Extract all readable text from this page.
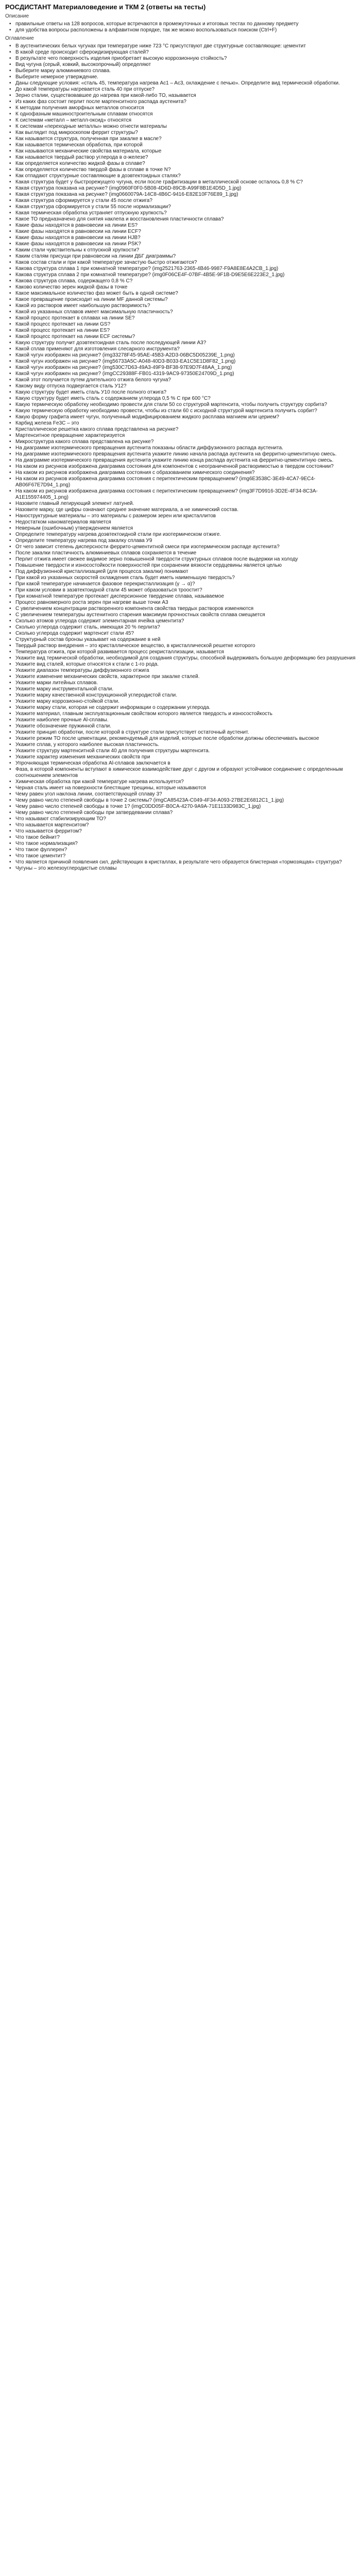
РОСДИСТАНТ Материаловедение и ТКМ 2 (ответы на тесты)
Описание
• правильные ответы на 128 вопросов, которые встречаются в промежуточных и итоговых тестах по данному предмету
• для удобства вопросы расположены в алфавитном порядке, так же можно воспользоваться поиском (Ctrl+F)
Оглавление
• В аустенитических белых чугунах при температуре ниже 723 °С присутствуют две структурные составляющие: цементит
• В какой среде происходит сфероидизирующая сталей?
• В результате чего поверхность изделия приобретает высокую коррозионную стойкость?
• Вид чугуна (серый, ковкий, высокопрочный) определяют
• Выберите марку алюминиевого сплава.
• Выберите немерное утверждение.
• Даны следующие условия: «сталь 45, температура нагрева Ac1 – Ac3, охлаждение с печью». Определите вид термической обработки.
• До какой температуры нагревается сталь 40 при отпуске?
• Зерно сталии, существовавшее до нагрева при какой-либо ТО, называется
• Из каких фаз состоит перлит после мартенситного распада аустенита?
• К методам получения аморфных металлов относится
• К однофазным машиностроительным сплавам относятся
• К системам «металл – металл-оксид» относятся
• К системам «переходные металлы» можно отнести материалы
• Как выглядит под микроскопом феррит структуры?
• Как называется структура, полученная при закалке в масле?
• Как называется термическая обработка, при которой
• Как называются механические свойства материала, которые
• Как называется твердый раствор углерода в α-железе?
• Как определяется количество жидкой фазы в сплаве?
• Как определяется количество твердой фазы в сплаве в точке N?
• Как отпадают структурные составляющие в доэвтектоидных сталях?
• Какая структура будет у быстрорежущего чугуна, если после графитизации в металлической основе осталось 0,8 % С?
• Какая структура показана на рисунке? (img0960F0F0-5B08-4D6D-89CB-A99F8B1E4D5D_1.jpg)
• Какая структура показана на рисунке? (img0660079A-14C8-4B6C-9416-E82E10F76E89_1.jpg)
• Какая структура сформируется у стали 45 после отжига?
• Какая структура сформируется у стали 55 после нормализации?
• Какая термическая обработка устраняет отпускную хрупкость?
• Какое ТО предназначено для снятия наклепа и восстановления пластичности сплава?
• Какие фазы находятся в равновесии на линии ES?
• Какие фазы находятся в равновесии на линии ECF?
• Какие фазы находятся в равновесии на линии HJB?
• Какие фазы находятся в равновесии на линии PSK?
• Каким стали чувствительны к отпускной хрупкости?
• Каким сталям присущи при равновесии на линии ДБГ диаграммы?
• Каков состав стали и при какой температуре зачастую быстро отжигаются?
• Какова структура сплава 1 при комнатной температуре? (img2521763-2365-4B46-9987-F9A8E8E4A2CB_1.jpg)
• Какова структура сплава 2 при комнатной температуре? (img0F06CE4F-07BF-4B5E-9F1B-D9E5E6E223E2_1.jpg)
• Какова структура сплава, содержащего 0,8 % С?
• Каково количество зерен жидкой фазы в точке
• Какое максимальное количество фаз может быть в одной системе?
• Какое превращение происходит на линии MF данной системы?
• Какой из растворов имеет наибольшую растворимость?
• Какой из указанных сплавов имеет максимальную пластичность?
• Какой процесс протекает в сплавах на линии SE?
• Какой процесс протекает на линии GS?
• Какой процесс протекает на линии ES?
• Какой процесс протекает на линии ECF системы?
• Какую структуру получит доэвтектоидная сталь после последующей линии A3?
• Какой сплав применяют для изготовления слесарного инструмента?
• Какой чугун изображен на рисунке? (img33278F45-95AE-45B3-A2D3-06BC5D05239E_1.png)
• Какой чугун изображен на рисунке? (img56733A5C-A048-40D3-B033-EA1C5E1D8F82_1.png)
• Какой чугун изображен на рисунке? (img530C7D63-49A3-49F9-BF38-97E9D7F48AA_1.png)
• Какой чугун изображен на рисунке? (imgCC29388F-FB01-4319-9AC9-97350E24709D_1.png)
• Какой этот получается путем длительного отжига белого чугуна?
• Какому виду отпуска подвергается сталь У12?
• Какую структуру будет иметь сталь У10 после полного отжига?
• Какую структуру будет иметь сталь с содержанием углерода 0,5 % С при 600 °С?
• Какую термическую обработку необходимо провести для стали 50 со структурой мартенсита, чтобы получить структуру сорбита?
• Какую термическую обработку необходимо провести, чтобы из стали 60 с исходной структурой мартенсита получить сорбит?
• Какую форму графита имеет чугун, полученный модифицированием жидкого расплава магнием или церием?
• Карбид железа Fe3C – это
• Кристаллическое решетка какого сплава представлена на рисунке?
• Мартенситное превращение характеризуется
• Микроструктура какого сплава представлена на рисунке?
• На диаграмме изотермического превращения аустенита показаны области диффузионного распада аустенита.
• На диаграмме изотермического превращения аустенита укажите линию начала распада аустенита на ферритно-цементитную смесь.
• На диаграмме изотермического превращения аустенита укажите линию конца распада аустенита на ферритно-цементитную смесь.
• На каком из рисунков изображена диаграмма состояния для компонентов с неограниченной растворимостью в твердом состоянии?
• На каком из рисунков изображена диаграмма состояния с образованием химического соединения?
• На каком из рисунков изображена диаграмма состояния с перитектическим превращением? (img6E3538C-3E49-4CA7-9EC4-AB06F67E7D94_1.png)
• На каком из рисунков изображена диаграмма состояния с перитектическим превращением? (img3F7D9916-3D2E-4F34-8C3A-A1E155974405_1.png)
• Назовите главный легирующий элемент латуней.
• Назовите марку, где цифры означают среднее значение материала, а не химический состав.
• Наноструктурные материалы – это материалы с размером зерен или кристаллитов
• Недостатком наноматериалов является
• Неверным (ошибочным) утверждением является
• Определите температуру нагрева доэвтектоидной стали при изотермическом отжиге.
• Определите температуру нагрева под закалку сплава У9
• От чего зависит степень дисперсности феррито-цементитной смеси при изотермическом распаде аустенита?
• После закалки пластичность алюминиевых сплавов сохраняется в течение
• Перлит отжига имеет свежее видимое зерно повышенной твердости структурных сплавов после выдержки на холоду
• Повышение твердости и износостойкости поверхностей при сохранении вязкости сердцевины является целью
• Под диффузионной кристаллизацией (для процесса закалки) понимают
• При какой из указанных скоростей охлаждения сталь будет иметь наименьшую твердость?
• При какой температуре начинается фазовое перекристаллизация (γ → α)?
• При каком условии в заэвтектоидной стали 45 может образоваться троостит?
• При комнатной температуре протекает дисперсионное твердение сплава, называемое
• Процесс равномерного роста зерен при нагреве выше точки A3
• С увеличением концентрации растворенного компонента свойства твердых растворов изменяются
• С увеличением температуры аустенитного старения максимум прочностных свойств сплава смещается
• Сколько атомов углерода содержит элементарная ячейка цементита?
• Сколько углерода содержит сталь, имеющая 20 % перлита?
• Сколько углерода содержит мартенсит стали 45?
• Структурный состав бронзы указывает на содержание в ней
• Твердый раствор внедрения – это кристаллическое вещество, в кристаллической решетке которого
• Температура отжига, при которой развивается процесс рекристаллизации, называется
• Укажите вид термической обработки, необходимой для создания структуры, способной выдерживать большую деформацию без разрушения
• Укажите вид сталей, которые относятся к стали с 1-го рода.
• Укажите диапазон температуры диффузионного отжига
• Укажите изменение механических свойств, характерное при закалке сталей.
• Укажите марки литейных сплавов.
• Укажите марку инструментальной стали.
• Укажите марку качественной конструкционной углеродистой стали.
• Укажите марку коррозионно-стойкой стали.
• Укажите марку стали, которая не содержит информации о содержании углерода.
• Укажите материал, главным эксплуатационным свойством которого является твердость и износостойкость
• Укажите наиболее прочные Al-сплавы.
• Укажите обозначение пружинной стали.
• Укажите принцип обработки, после которой в структуре стали присутствует остаточный аустенит.
• Укажите режим ТО после цементации, рекомендуемый для изделий, которые после обработки должны обеспечивать высокое
• Укажите сплав, у которого наиболее высокая пластичность.
• Укажите структуру мартенситной стали 40 для получения структуры мартенсита.
• Укажите характер изменения механических свойств при
• Упрочняющая термическая обработка Al-сплавов заключается в
• Фаза, в которой компоненты вступают в химическое взаимодействие друг с другом и образуют устойчивое соединение с определенным соотношением элементов
• Химическая обработка при какой температуре нагрева используется?
• Черная сталь имеет на поверхности блестящие трещины, которые называются
• Чему равен угол наклона линии, соответствующей сплаву 3?
• Чему равно число степеней свободы в точке 2 системы? (imgCA85423A-C049-4F34-A093-27BE2E6812C1_1.jpg)
• Чему равно число степеней свободы в точке 1? (imgC0DD05F-B0CA-4270-9A9A-71E1133D983C_1.jpg)
• Чему равно число степеней свободы при затвердевании сплава?
• Что называют стабилизирующим ТО?
• Что называется мартенситом?
• Что называется ферритом?
• Что такое бейнит?
• Что такое нормализация?
• Что такое фуллерен?
• Что такое цементит?
• Что является причиной появления сил, действующих в кристаллах, в результате чего образуется блистерная «тормозящая» структура?
• Чугуны – это железоуглеродистые сплавы
